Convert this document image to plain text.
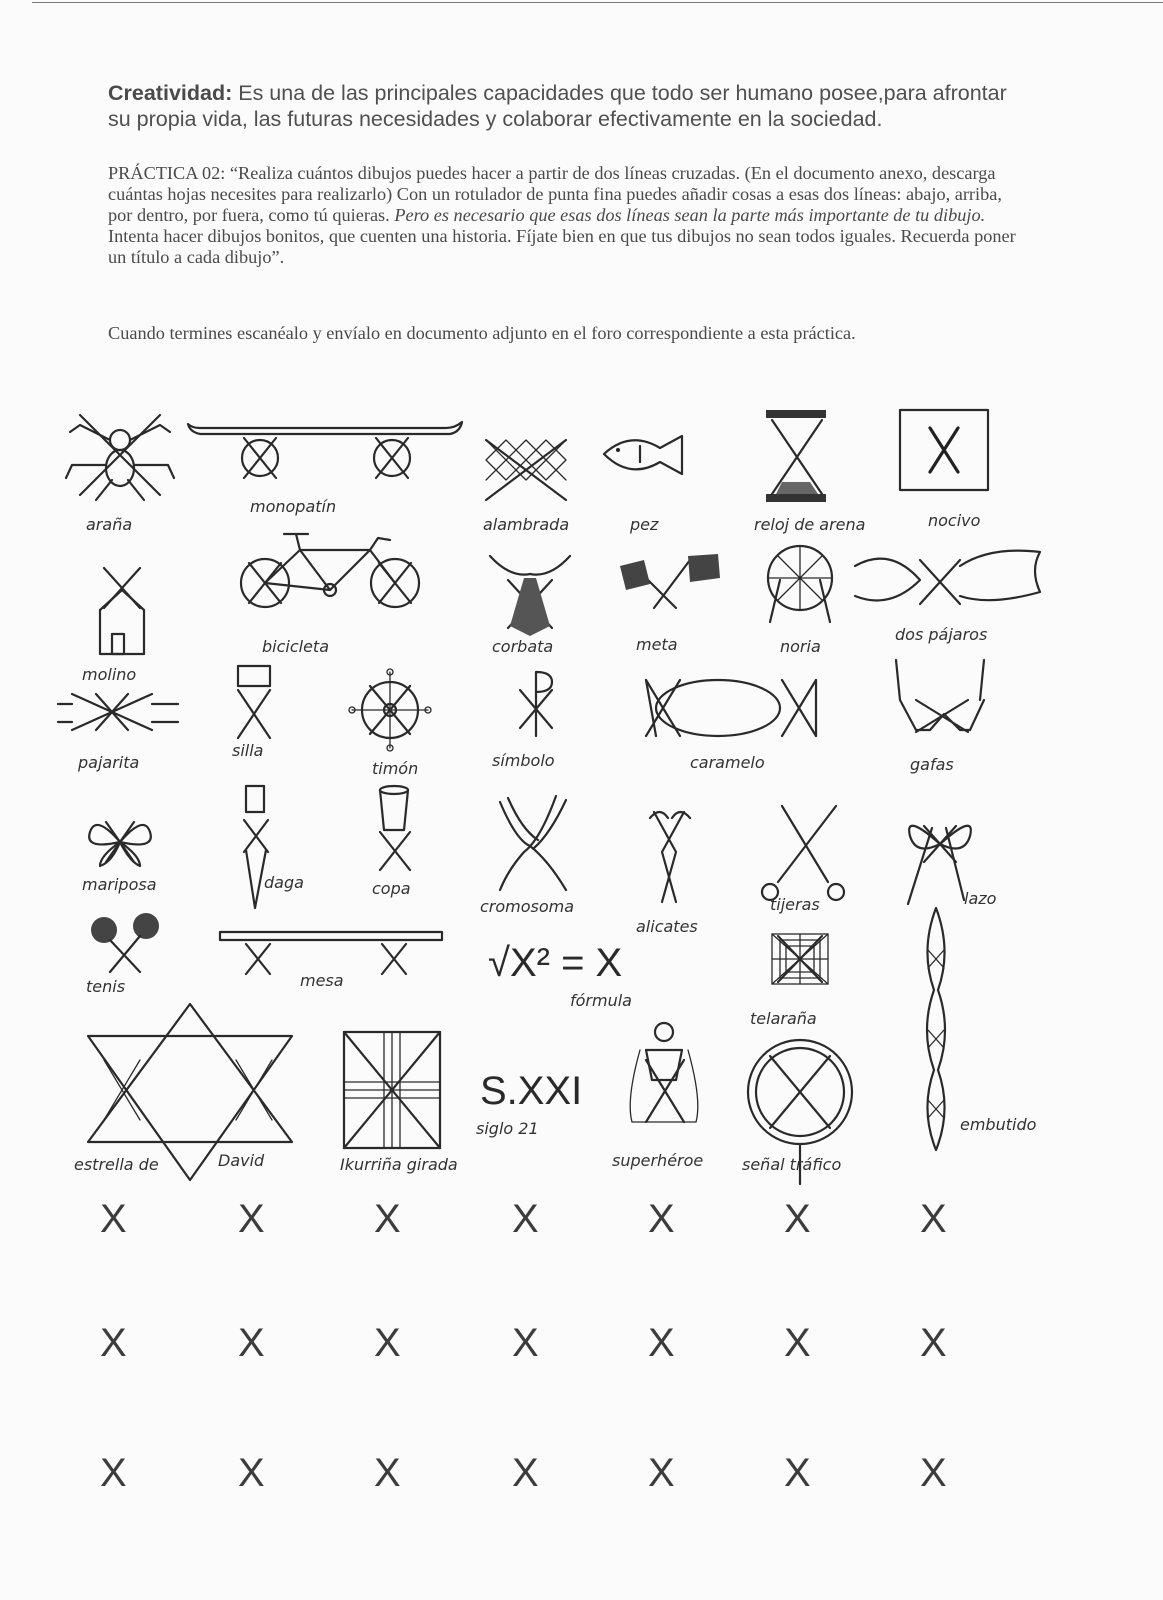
Creatividad: Es una de las principales capacidades que todo ser humano posee,para afrontar su propia vida, las futuras necesidades y colaborar efectivamente en la sociedad.

PRÁCTICA 02: “Realiza cuántos dibujos puedes hacer a partir de dos líneas cruzadas. (En el documento anexo, descarga cuántas hojas necesites para realizarlo) Con un rotulador de punta fina puedes añadir cosas a esas dos líneas: abajo, arriba, por dentro, por fuera, como tú quieras. Pero es necesario que esas dos líneas sean la parte más importante de tu dibujo.

Intenta hacer dibujos bonitos, que cuenten una historia. Fíjate bien en que tus dibujos no sean todos iguales. Recuerda poner un título a cada dibujo”.

Cuando termines escanéalo y envíalo en documento adjunto en el foro correspondiente a esta práctica.
araña
monopatín
alambrada	pez	reloj de arena	nocivo
molino
bicicleta	corbata	meta	noria
dos pájaros
pajarita
silla
timón	símbolo	caramelo	gafas
mariposa	daga	copa
cromosoma
alicates
tijeras	lazo
tenis	mesa	√X² = X
fórmula
telaraña
embutido
estrella de	David	Ikurriña girada
S.XXI
siglo 21
superhéroe señal tráfico
X	X	X	X	X	X	X
X	X	X	X	X	X	X
X	X	X	X	X	X	X
